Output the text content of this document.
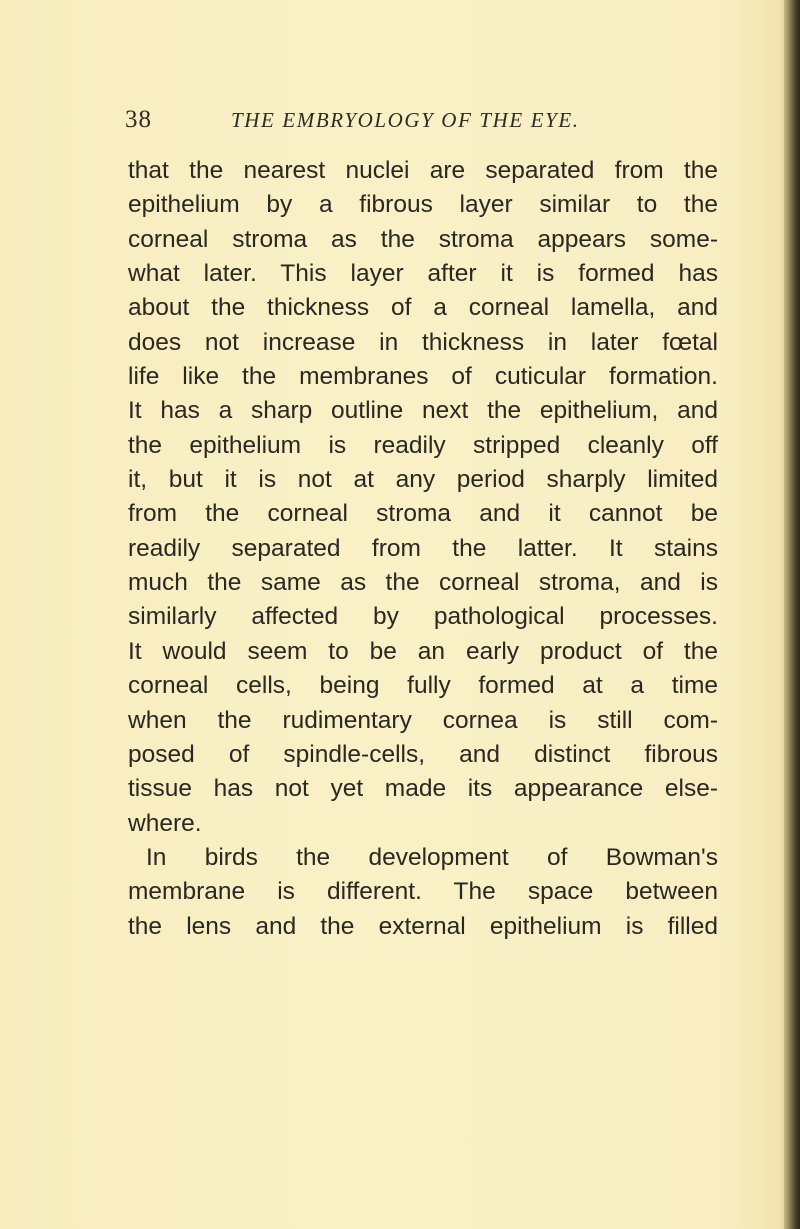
38	THE EMBRYOLOGY OF THE EYE.
that the nearest nuclei are separated from the
epithelium by a fibrous layer similar to the
corneal stroma as the stroma appears some-
what later. This layer after it is formed has
about the thickness of a corneal lamella, and
does not increase in thickness in later fœtal
life like the membranes of cuticular formation.
It has a sharp outline next the epithelium, and
the epithelium is readily stripped cleanly off
it, but it is not at any period sharply limited
from the corneal stroma and it cannot be
readily separated from the latter. It stains
much the same as the corneal stroma, and is
similarly affected by pathological processes.
It would seem to be an early product of the
corneal cells, being fully formed at a time
when the rudimentary cornea is still com-
posed of spindle-cells, and distinct fibrous
tissue has not yet made its appearance else-
where.
In birds the development of Bowman's
membrane is different. The space between
the lens and the external epithelium is filled
